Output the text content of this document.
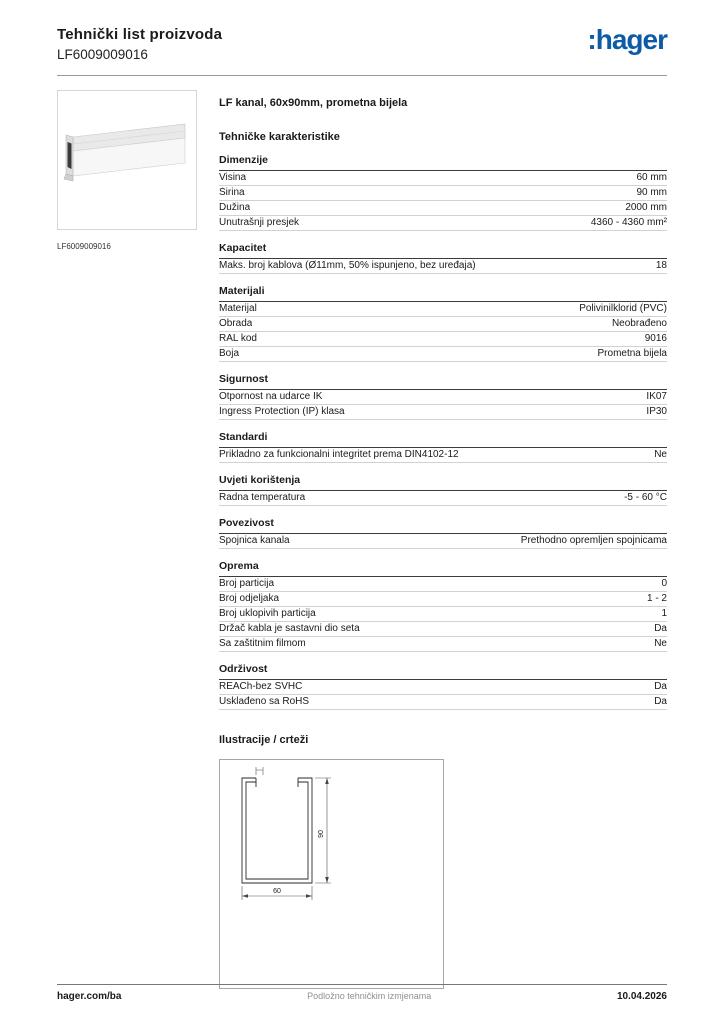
Tehnički list proizvoda
LF6009009016	:hager
LF6009009016
LF kanal, 60x90mm, prometna bijela
Tehničke karakteristike
Dimenzije
Visina	60 mm
Širina	90 mm
Dužina	2000 mm
Unutrašnji presjek	4360 - 4360 mm²
Kapacitet
Maks. broj kablova (Ø11mm, 50% ispunjeno, bez uređaja)	18
Materijali
Materijal	Polivinilklorid (PVC)
Obrada	Neobrađeno
RAL kod	9016
Boja	Prometna bijela
Sigurnost
Otpornost na udarce IK	IK07
Ingress Protection (IP) klasa	IP30
Standardi
Prikladno za funkcionalni integritet prema DIN4102-12	Ne
Uvjeti korištenja
Radna temperatura	-5 - 60 °C
Povezivost
Spojnica kanala	Prethodno opremljen spojnicama
Oprema
Broj particija	0
Broj odjeljaka	1 - 2
Broj uklopivih particija	1
Držač kabla je sastavni dio seta	Da
Sa zaštitnim filmom	Ne
Održivost
REACh-bez SVHC	Da
Usklađeno sa RoHS	Da
Ilustracije / crteži
60
90
hager.com/ba	Podložno tehničkim izmjenama	10.04.2026
